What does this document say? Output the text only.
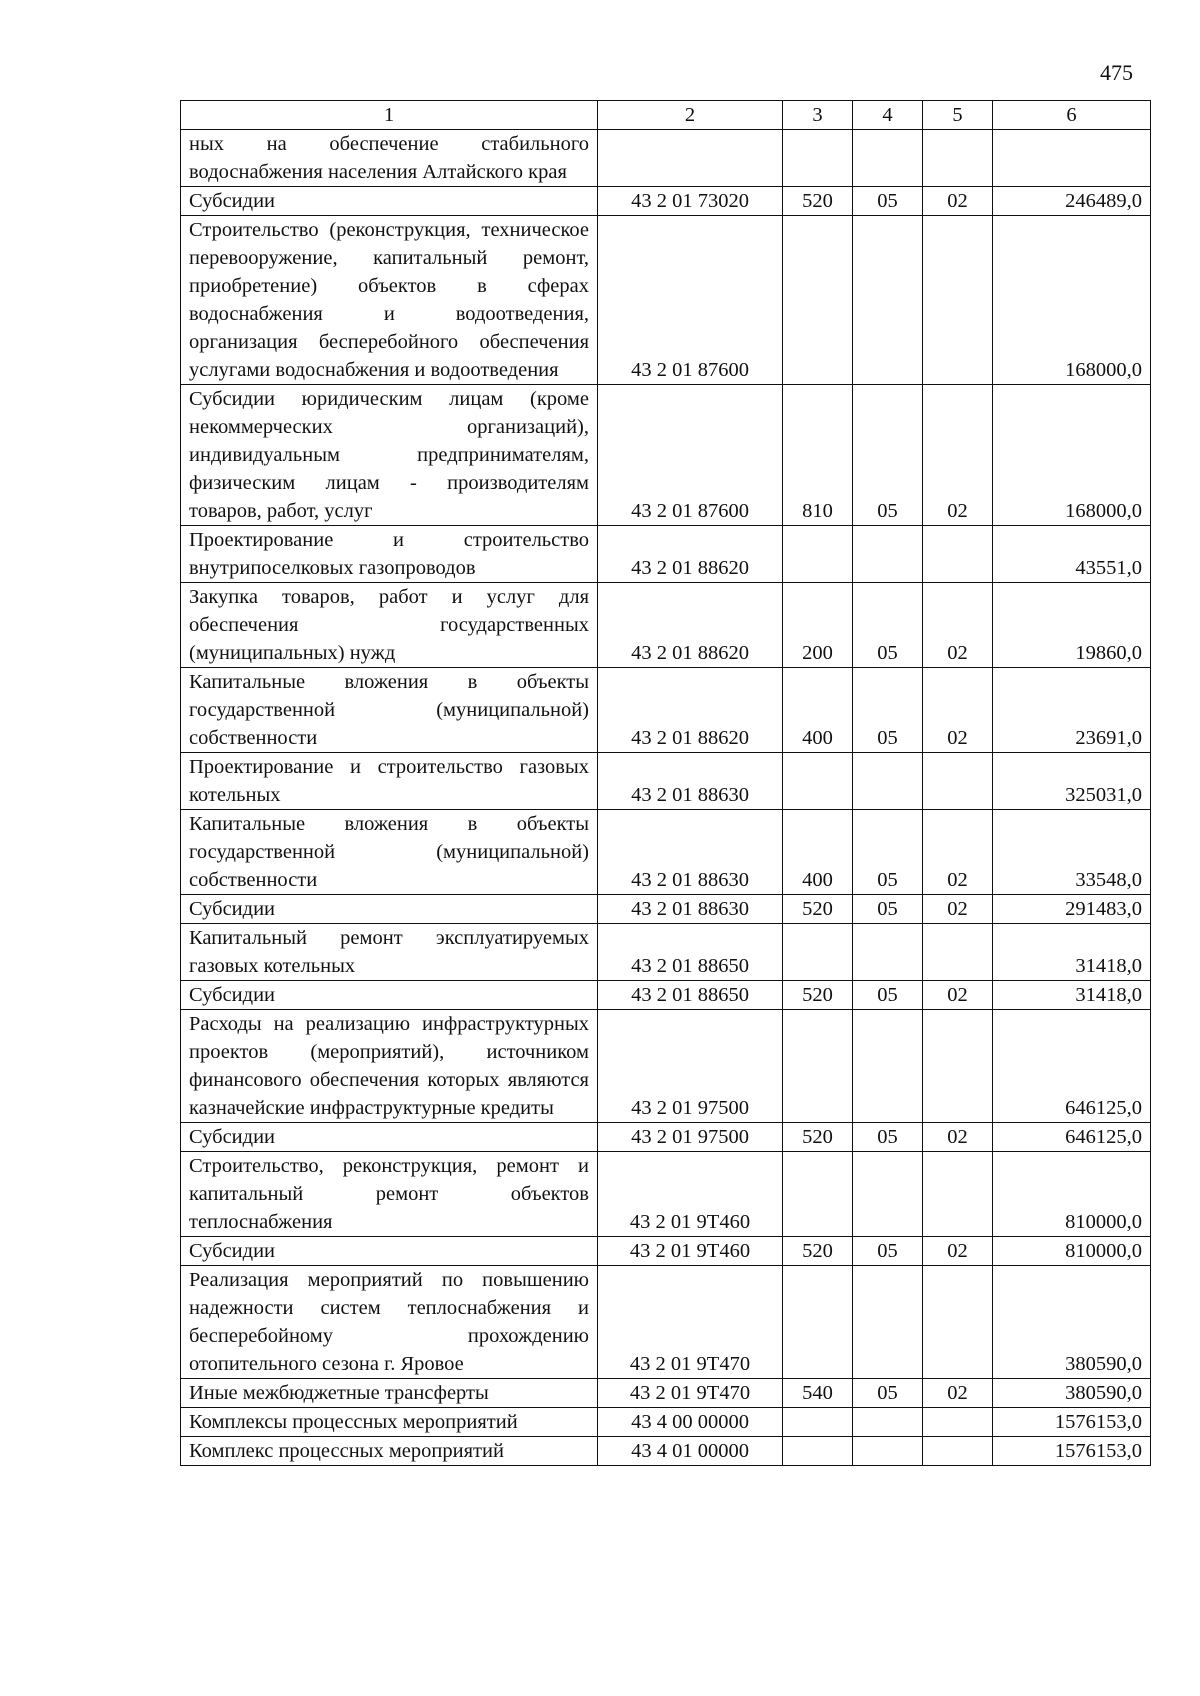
475
1	2	3	4	5	6
ных на обеспечение стабильного водоснабжения населения Алтайского края					
Субсидии	43 2 01 73020	520	05	02	246489,0
Строительство (реконструкция, техническое перевооружение, капитальный ремонт, приобретение) объектов в сферах водоснабжения и водоотведения, организация бесперебойного обеспечения услугами водоснабжения и водоотведения	43 2 01 87600				168000,0
Субсидии юридическим лицам (кроме некоммерческих организаций), индивидуальным предпринимателям, физическим лицам - производителям товаров, работ, услуг	43 2 01 87600	810	05	02	168000,0
Проектирование и строительство внутрипоселковых газопроводов	43 2 01 88620				43551,0
Закупка товаров, работ и услуг для обеспечения государственных (муниципальных) нужд	43 2 01 88620	200	05	02	19860,0
Капитальные вложения в объекты государственной (муниципальной) собственности	43 2 01 88620	400	05	02	23691,0
Проектирование и строительство газовых котельных	43 2 01 88630				325031,0
Капитальные вложения в объекты государственной (муниципальной) собственности	43 2 01 88630	400	05	02	33548,0
Субсидии	43 2 01 88630	520	05	02	291483,0
Капитальный ремонт эксплуатируемых газовых котельных	43 2 01 88650				31418,0
Субсидии	43 2 01 88650	520	05	02	31418,0
Расходы на реализацию инфраструктурных проектов (мероприятий), источником финансового обеспечения которых являются казначейские инфраструктурные кредиты	43 2 01 97500				646125,0
Субсидии	43 2 01 97500	520	05	02	646125,0
Строительство, реконструкция, ремонт и капитальный ремонт объектов теплоснабжения	43 2 01 9Т460				810000,0
Субсидии	43 2 01 9Т460	520	05	02	810000,0
Реализация мероприятий по повышению надежности систем теплоснабжения и бесперебойному прохождению отопительного сезона г. Яровое	43 2 01 9Т470				380590,0
Иные межбюджетные трансферты	43 2 01 9Т470	540	05	02	380590,0
Комплексы процессных мероприятий	43 4 00 00000				1576153,0
Комплекс процессных мероприятий	43 4 01 00000				1576153,0
